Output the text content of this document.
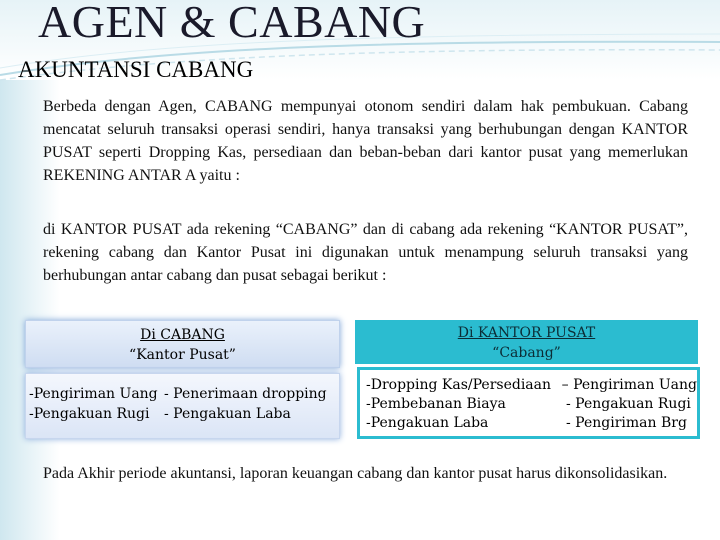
AGEN & CABANG
AKUNTANSI CABANG

Berbeda dengan Agen, CABANG mempunyai otonom sendiri dalam hak pembukuan. Cabang mencatat seluruh transaksi operasi sendiri, hanya transaksi yang berhubungan dengan KANTOR PUSAT seperti Dropping Kas, persediaan dan beban-beban dari kantor pusat yang memerlukan REKENING ANTAR A yaitu :

di KANTOR PUSAT ada rekening “CABANG” dan di cabang ada rekening “KANTOR PUSAT”, rekening cabang dan Kantor Pusat ini digunakan untuk menampung seluruh transaksi yang berhubungan antar cabang dan pusat sebagai berikut :

Di CABANG
“Kantor Pusat”
-Pengiriman Uang - Penerimaan dropping
-Pengakuan Rugi	- Pengakuan Laba
Di KANTOR PUSAT
“Cabang”
-Dropping Kas/Persediaan – Pengiriman Uang
-Pembebanan Biaya	- Pengakuan Rugi
-Pengakuan Laba	- Pengiriman Brg

Pada Akhir periode akuntansi, laporan keuangan cabang dan kantor pusat harus dikonsolidasikan.
